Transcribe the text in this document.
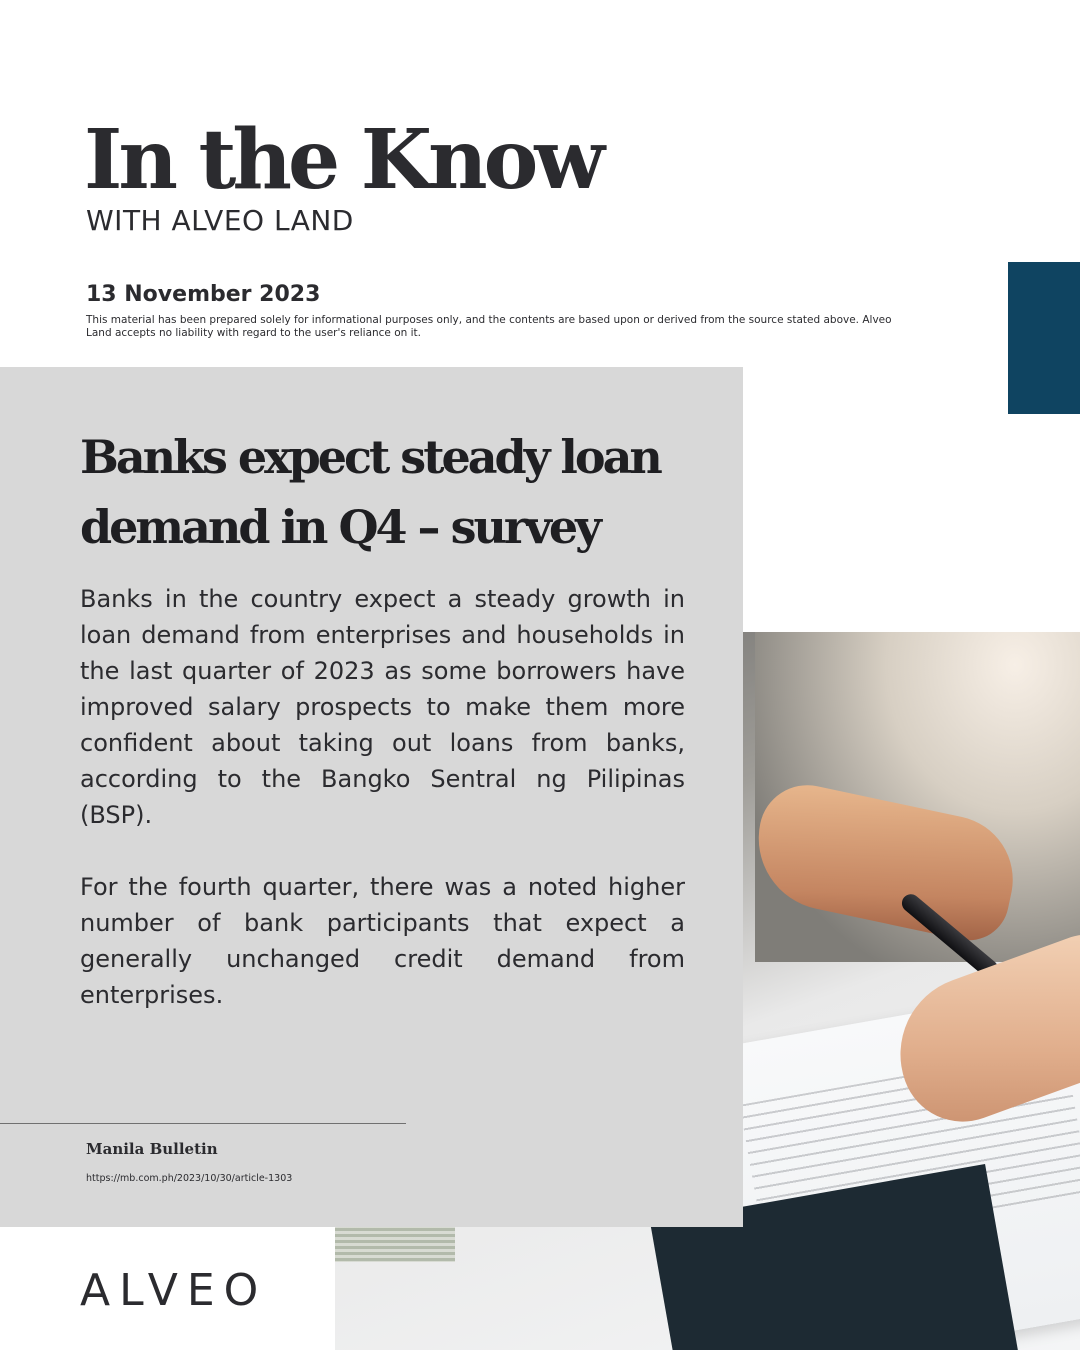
In the Know
WITH ALVEO LAND
13 November 2023
This material has been prepared solely for informational purposes only, and the contents are based upon or derived from the source stated above. Alveo Land accepts no liability with regard to the user's reliance on it.
Banks expect steady loan demand in Q4 – survey

Banks in the country expect a steady growth in loan demand from enterprises and households in the last quarter of 2023 as some borrowers have improved salary prospects to make them more confident about taking out loans from banks, according to the Bangko Sentral ng Pilipinas (BSP).

For the fourth quarter, there was a noted higher number of bank participants that expect a generally unchanged credit demand from enterprises.

Manila Bulletin
https://mb.com.ph/2023/10/30/article-1303
ALVEO
